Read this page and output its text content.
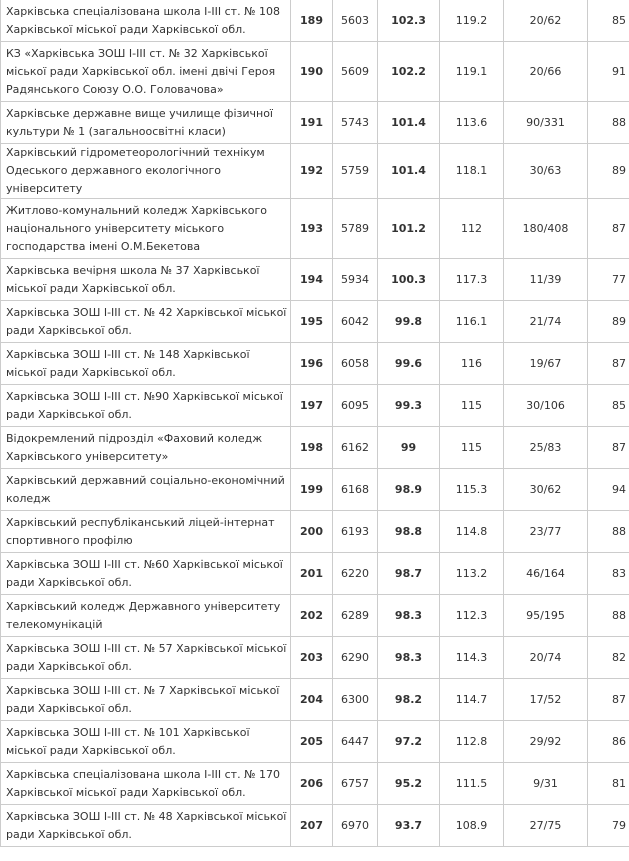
Харківська спеціалізована школа I-III ст. № 108 Харківської міської ради Харківської обл.	189	5603	102.3	119.2	20/62	85
КЗ «Харківська ЗОШ I-III ст. № 32 Харківської міської ради Харківської обл. імені двічі Героя Радянського Союзу О.О. Головачова»	190	5609	102.2	119.1	20/66	91
Харківське державне вище училище фізичної культури № 1 (загальноосвітні класи)	191	5743	101.4	113.6	90/331	88
Харківський гідрометеорологічний технікум Одеського державного екологічного університету	192	5759	101.4	118.1	30/63	89
Житлово-комунальний коледж Харківського національного університету міського господарства імені О.М.Бекетова	193	5789	101.2	112	180/408	87
Харківська вечірня школа № 37 Харківської міської ради Харківської обл.	194	5934	100.3	117.3	11/39	77
Харківська ЗОШ I-III ст. № 42 Харківської міської ради Харківської обл.	195	6042	99.8	116.1	21/74	89
Харківська ЗОШ I-III ст. № 148 Харківської міської ради Харківської обл.	196	6058	99.6	116	19/67	87
Харківська ЗОШ I-III ст. №90 Харківської міської ради Харківської обл.	197	6095	99.3	115	30/106	85
Відокремлений підрозділ «Фаховий коледж Харківського університету»	198	6162	99	115	25/83	87
Харківський державний соціально-економічний коледж	199	6168	98.9	115.3	30/62	94
Харківський республіканський ліцей-інтернат спортивного профілю	200	6193	98.8	114.8	23/77	88
Харківська ЗОШ I-III ст. №60 Харківської міської ради Харківської обл.	201	6220	98.7	113.2	46/164	83
Харківський коледж Державного університету телекомунікацій	202	6289	98.3	112.3	95/195	88
Харківська ЗОШ I-III ст. № 57 Харківської міської ради Харківської обл.	203	6290	98.3	114.3	20/74	82
Харківська ЗОШ I-III ст. № 7 Харківської міської ради Харківської обл.	204	6300	98.2	114.7	17/52	87
Харківська ЗОШ I-III ст. № 101 Харківської міської ради Харківської обл.	205	6447	97.2	112.8	29/92	86
Харківська спеціалізована школа I-III ст. № 170 Харківської міської ради Харківської обл.	206	6757	95.2	111.5	9/31	81
Харківська ЗОШ I-III ст. № 48 Харківської міської ради Харківської обл.	207	6970	93.7	108.9	27/75	79
